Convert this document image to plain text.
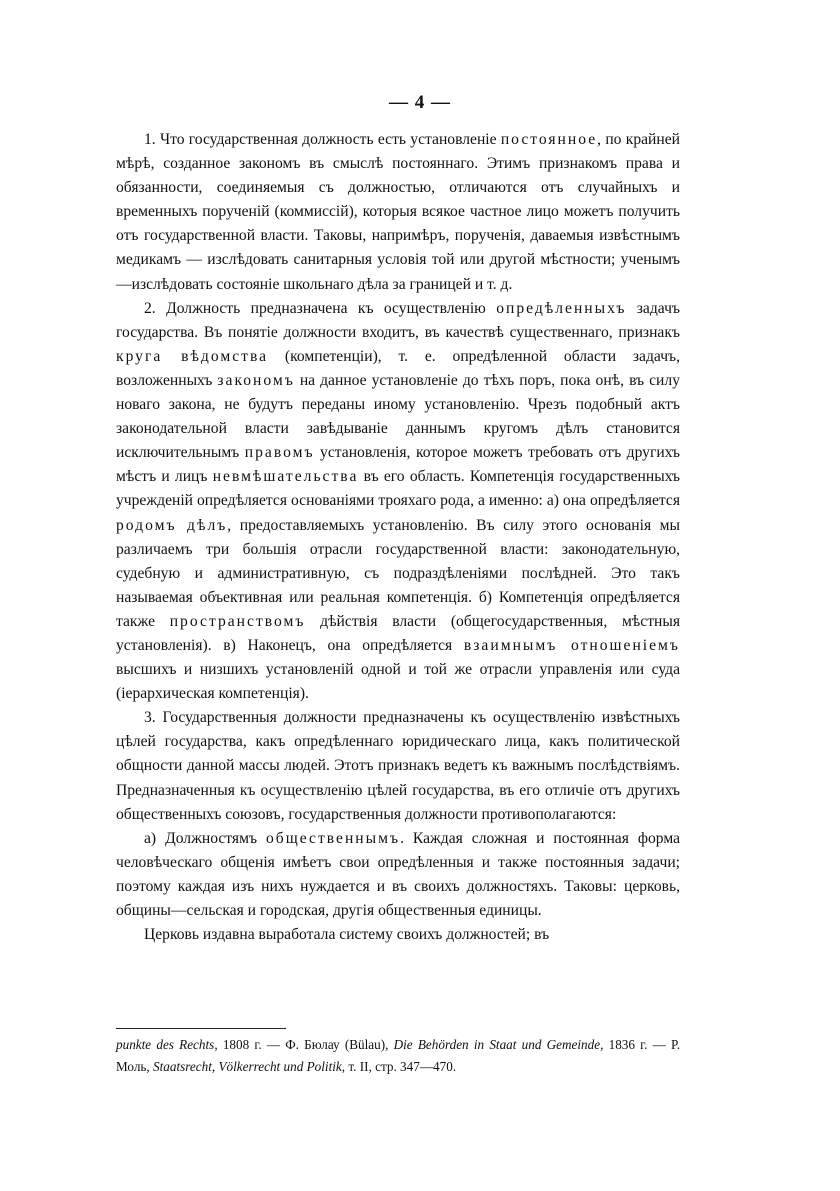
— 4 —

1. Что государственная должность есть установленіе постоянное, по крайней мѣрѣ, созданное закономъ въ смыслѣ постояннаго. Этимъ признакомъ права и обязанности, соединяемыя съ должностью, отличаются отъ случайныхъ и временныхъ порученій (коммиссій), которыя всякое частное лицо можетъ получить отъ государственной власти. Таковы, напримѣръ, порученія, даваемыя извѣстнымъ медикамъ — изслѣдовать санитарныя условія той или другой мѣстности; ученымъ—изслѣдовать состояніе школьнаго дѣла за границей и т. д.

2. Должность предназначена къ осуществленію опредѣленныхъ задачъ государства. Въ понятіе должности входитъ, въ качествѣ существеннаго, признакъ круга вѣдомства (компетенціи), т. е. опредѣленной области задачъ, возложенныхъ закономъ на данное установленіе до тѣхъ поръ, пока онѣ, въ силу новаго закона, не будутъ переданы иному установленію. Чрезъ подобный актъ законодательной власти завѣдываніе даннымъ кругомъ дѣлъ становится исключительнымъ правомъ установленія, которое можетъ требовать отъ другихъ мѣстъ и лицъ невмѣшательства въ его область. Компетенція государственныхъ учрежденій опредѣляется основаніями трояхаго рода, а именно: а) она опредѣляется родомъ дѣлъ, предоставляемыхъ установленію. Въ силу этого основанія мы различаемъ три большія отрасли государственной власти: законодательную, судебную и административную, съ подраздѣленіями послѣдней. Это такъ называемая объективная или реальная компетенція. б) Компетенція опредѣляется также пространствомъ дѣйствія власти (общегосударственныя, мѣстныя установленія). в) Наконецъ, она опредѣляется взаимнымъ отношеніемъ высшихъ и низшихъ установленій одной и той же отрасли управленія или суда (іерархическая компетенція).

3. Государственныя должности предназначены къ осуществленію извѣстныхъ цѣлей государства, какъ опредѣленнаго юридическаго лица, какъ политической общности данной массы людей. Этотъ признакъ ведетъ къ важнымъ послѣдствіямъ. Предназначенныя къ осуществленію цѣлей государства, въ его отличіе отъ другихъ общественныхъ союзовъ, государственныя должности противополагаются:

а) Должностямъ общественнымъ. Каждая сложная и постоянная форма человѣческаго общенія имѣетъ свои опредѣленныя и также постоянныя задачи; поэтому каждая изъ нихъ нуждается и въ своихъ должностяхъ. Таковы: церковь, общины—сельская и городская, другія общественныя единицы.

Церковь издавна выработала систему своихъ должностей; въ

punkte des Rechts, 1808 г. — Ф. Бюлау (Bülau), Die Behörden in Staat und Gemeinde, 1836 г. — Р. Моль, Staatsrecht, Völkerrecht und Politik, т. II, стр. 347—470.
